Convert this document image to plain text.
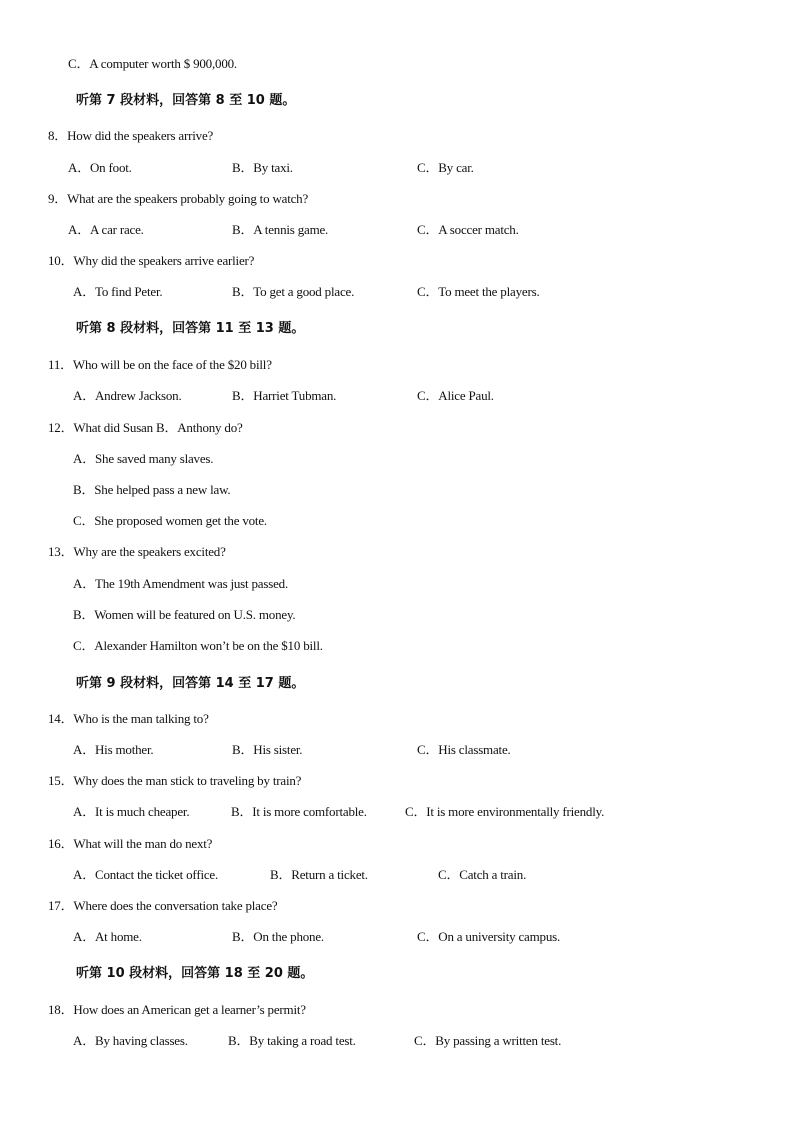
C．A computer worth $ 900,000.
听第 7 段材料，回答第 8 至 10 题。
8．How did the speakers arrive?
A．On foot.	B．By taxi.	C．By car.
9．What are the speakers probably going to watch?
A．A car race.	B．A tennis game.	C．A soccer match.
10．Why did the speakers arrive earlier?
A．To find Peter.	B．To get a good place.	C．To meet the players.
听第 8 段材料，回答第 11 至 13 题。
11．Who will be on the face of the $20 bill?
A．Andrew Jackson.	B．Harriet Tubman.	C．Alice Paul.
12．What did Susan B．Anthony do?
A．She saved many slaves.
B．She helped pass a new law.
C．She proposed women get the vote.
13．Why are the speakers excited?
A．The 19th Amendment was just passed.
B．Women will be featured on U.S. money.
C．Alexander Hamilton won’t be on the $10 bill.
听第 9 段材料，回答第 14 至 17 题。
14．Who is the man talking to?
A．His mother.	B．His sister.	C．His classmate.
15．Why does the man stick to traveling by train?
A．It is much cheaper.	B．It is more comfortable.	C．It is more environmentally friendly.
16．What will the man do next?
A．Contact the ticket office.	B．Return a ticket.	C．Catch a train.
17．Where does the conversation take place?
A．At home.	B．On the phone.	C．On a university campus.
听第 10 段材料，回答第 18 至 20 题。
18．How does an American get a learner’s permit?
A．By having classes.	B．By taking a road test.	C．By passing a written test.
